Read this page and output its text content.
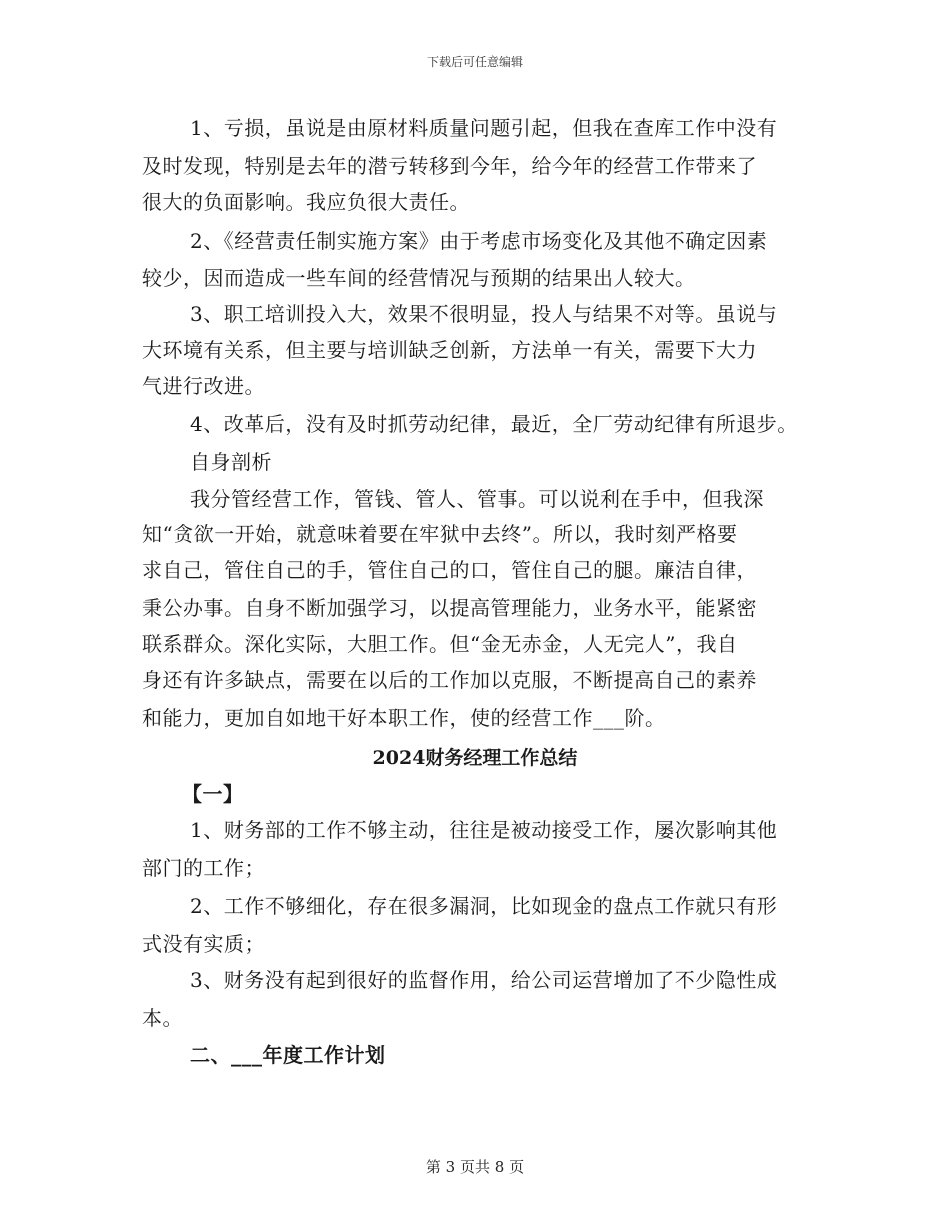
下载后可任意编辑
1、亏损，虽说是由原材料质量问题引起，但我在查库工作中没有
及时发现，特别是去年的潜亏转移到今年，给今年的经营工作带来了
很大的负面影响。我应负很大责任。
2、《经营责任制实施方案》由于考虑市场变化及其他不确定因素
较少，因而造成一些车间的经营情况与预期的结果出人较大。
3、职工培训投入大，效果不很明显，投人与结果不对等。虽说与
大环境有关系，但主要与培训缺乏创新，方法单一有关，需要下大力
气进行改进。
4、改革后，没有及时抓劳动纪律，最近，全厂劳动纪律有所退步。
自身剖析
我分管经营工作，管钱、管人、管事。可以说利在手中，但我深
知“贪欲一开始，就意味着要在牢狱中去终”。所以，我时刻严格要
求自己，管住自己的手，管住自己的口，管住自己的腿。廉洁自律，
秉公办事。自身不断加强学习，以提高管理能力，业务水平，能紧密
联系群众。深化实际，大胆工作。但“金无赤金，人无完人”，我自
身还有许多缺点，需要在以后的工作加以克服，不断提高自己的素养
和能力，更加自如地干好本职工作，使的经营工作___阶。
2024财务经理工作总结
【一】
1、财务部的工作不够主动，往往是被动接受工作，屡次影响其他
部门的工作；
2、工作不够细化，存在很多漏洞，比如现金的盘点工作就只有形
式没有实质；
3、财务没有起到很好的监督作用，给公司运营增加了不少隐性成
本。
二、___年度工作计划
第 3 页共 8 页
